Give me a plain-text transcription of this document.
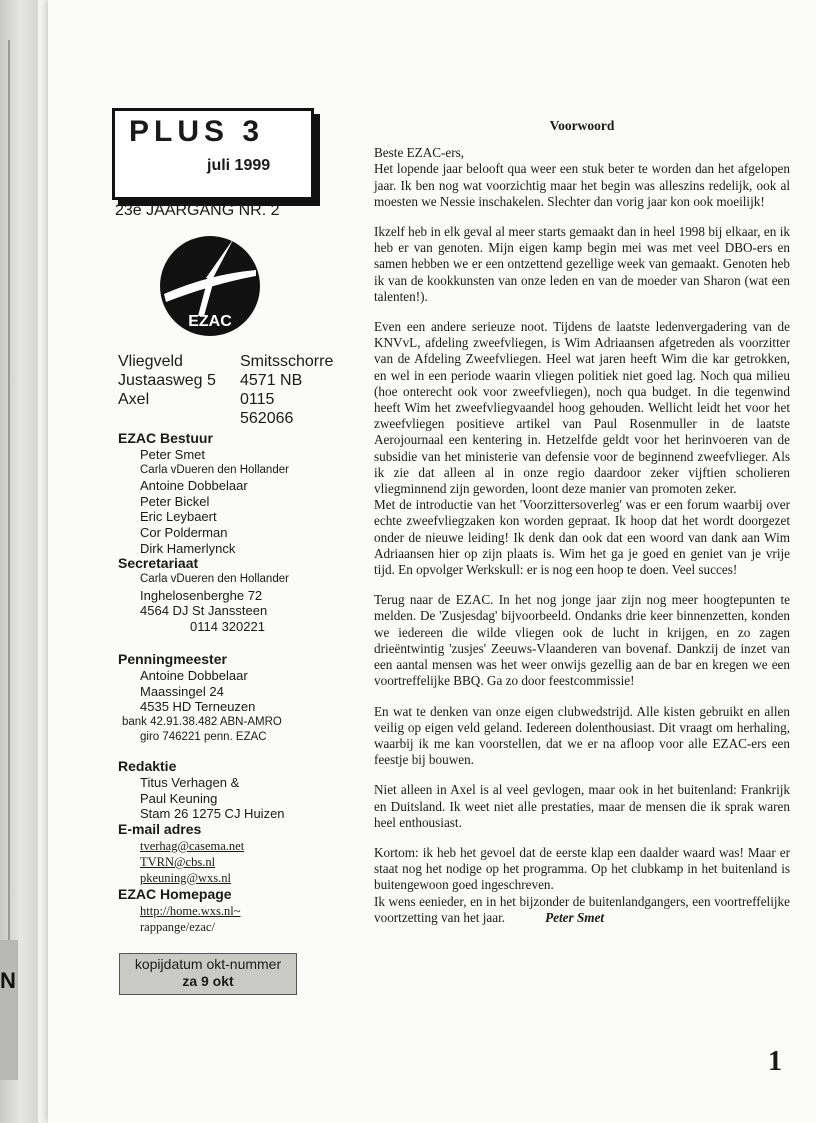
N
PLUS 3
juli 1999
23e JAARGANG NR. 2
EZAC
Vliegveld	Smitsschorre
Justaasweg 5	4571 NB
Axel	0115 562066
EZAC Bestuur
Peter Smet
Carla vDueren den Hollander
Antoine Dobbelaar
Peter Bickel
Eric Leybaert
Cor Polderman
Dirk Hamerlynck
Secretariaat
Carla vDueren den Hollander
Inghelosenberghe 72
4564 DJ St Janssteen
0114 320221
Penningmeester
Antoine Dobbelaar
Maassingel 24
4535 HD Terneuzen
bank 42.91.38.482 ABN-AMRO
giro 746221 penn. EZAC
Redaktie
Titus Verhagen &
Paul Keuning
Stam 26 1275 CJ Huizen
E-mail adres
tverhag@casema.net
TVRN@cbs.nl
pkeuning@wxs.nl
EZAC Homepage
http://home.wxs.nl~
rappange/ezac/
kopijdatum okt-nummer
za 9 okt
Voorwoord

Beste EZAC-ers,
Het lopende jaar belooft qua weer een stuk beter te worden dan het afgelopen jaar. Ik ben nog wat voorzichtig maar het begin was alleszins redelijk, ook al moesten we Nessie inschakelen. Slechter dan vorig jaar kon ook moeilijk!

Ikzelf heb in elk geval al meer starts gemaakt dan in heel 1998 bij elkaar, en ik heb er van genoten. Mijn eigen kamp begin mei was met veel DBO-ers en samen hebben we er een ontzettend gezellige week van gemaakt. Genoten heb ik van de kookkunsten van onze leden en van de moeder van Sharon (wat een talenten!).

Even een andere serieuze noot. Tijdens de laatste ledenvergadering van de KNVvL, afdeling zweefvliegen, is Wim Adriaansen afgetreden als voorzitter van de Afdeling Zweefvliegen. Heel wat jaren heeft Wim die kar getrokken, en wel in een periode waarin vliegen politiek niet goed lag. Noch qua milieu (hoe onterecht ook voor zweefvliegen), noch qua budget. In die tegenwind heeft Wim het zweefvliegvaandel hoog gehouden. Wellicht leidt het voor het zweefvliegen positieve artikel van Paul Rosenmuller in de laatste Aerojournaal een kentering in. Hetzelfde geldt voor het herinvoeren van de subsidie van het ministerie van defensie voor de beginnend zweefvlieger. Als ik zie dat alleen al in onze regio daardoor zeker vijftien scholieren vliegminnend zijn geworden, loont deze manier van promoten zeker.
Met de introductie van het 'Voorzittersoverleg' was er een forum waarbij over echte zweefvliegzaken kon worden gepraat. Ik hoop dat het wordt doorgezet onder de nieuwe leiding! Ik denk dan ook dat een woord van dank aan Wim Adriaansen hier op zijn plaats is. Wim het ga je goed en geniet van je vrije tijd. En opvolger Werkskull: er is nog een hoop te doen. Veel succes!

Terug naar de EZAC. In het nog jonge jaar zijn nog meer hoogtepunten te melden. De 'Zusjesdag' bijvoorbeeld. Ondanks drie keer binnenzetten, konden we iedereen die wilde vliegen ook de lucht in krijgen, en zo zagen drieëntwintig 'zusjes' Zeeuws-Vlaanderen van bovenaf. Dankzij de inzet van een aantal mensen was het weer onwijs gezellig aan de bar en kregen we een voortreffelijke BBQ. Ga zo door feestcommissie!

En wat te denken van onze eigen clubwedstrijd. Alle kisten gebruikt en allen veilig op eigen veld geland. Iedereen dolenthousiast. Dit vraagt om herhaling, waarbij ik me kan voorstellen, dat we er na afloop voor alle EZAC-ers een feestje bij bouwen.

Niet alleen in Axel is al veel gevlogen, maar ook in het buitenland: Frankrijk en Duitsland. Ik weet niet alle prestaties, maar de mensen die ik sprak waren heel enthousiast.

Kortom: ik heb het gevoel dat de eerste klap een daalder waard was! Maar er staat nog het nodige op het programma. Op het clubkamp in het buitenland is buitengewoon goed ingeschreven.
Ik wens eenieder, en in het bijzonder de buitenlandgangers, een voortreffelijke voortzetting van het jaar.	Peter Smet

1
